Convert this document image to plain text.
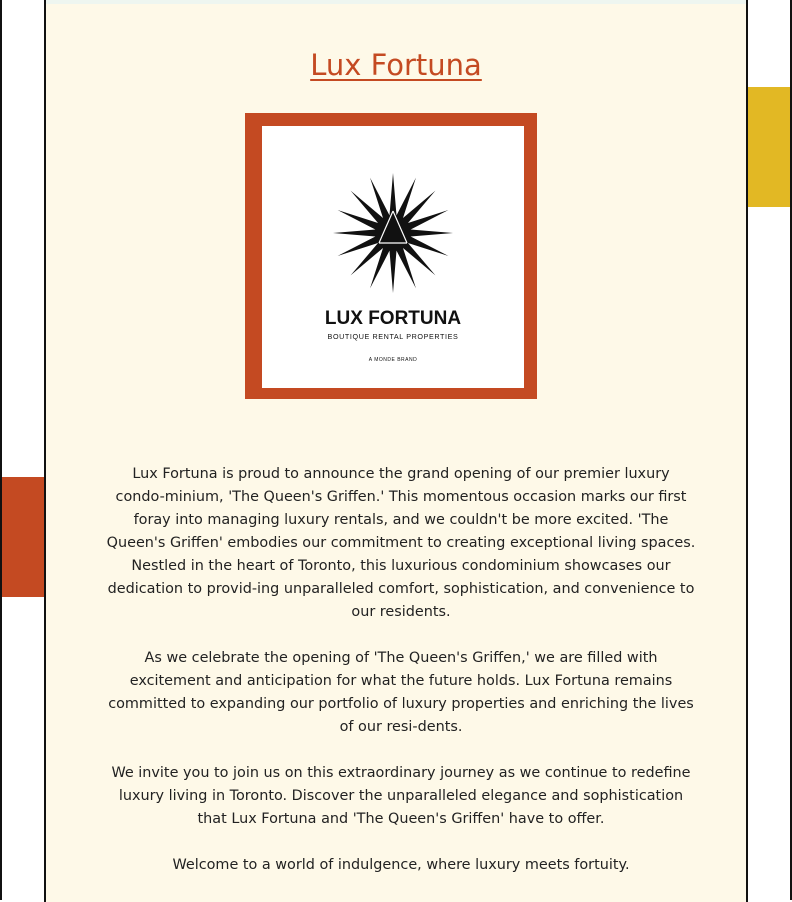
Lux Fortuna
LUX FORTUNA
BOUTIQUE RENTAL PROPERTIES
A MONDE BRAND

Lux Fortuna is proud to announce the grand opening of our premier luxury condo-minium, 'The Queen's Griffen.' This momentous occasion marks our first foray into managing luxury rentals, and we couldn't be more excited. 'The Queen's Griffen' embodies our commitment to creating exceptional living spaces. Nestled in the heart of Toronto, this luxurious condominium showcases our dedication to provid-ing unparalleled comfort, sophistication, and convenience to our residents.

As we celebrate the opening of 'The Queen's Griffen,' we are filled with excitement and anticipation for what the future holds. Lux Fortuna remains committed to expanding our portfolio of luxury properties and enriching the lives of our resi-dents.

We invite you to join us on this extraordinary journey as we continue to redefine luxury living in Toronto. Discover the unparalleled elegance and sophistication that Lux Fortuna and 'The Queen's Griffen' have to offer.

Welcome to a world of indulgence, where luxury meets fortuity.
